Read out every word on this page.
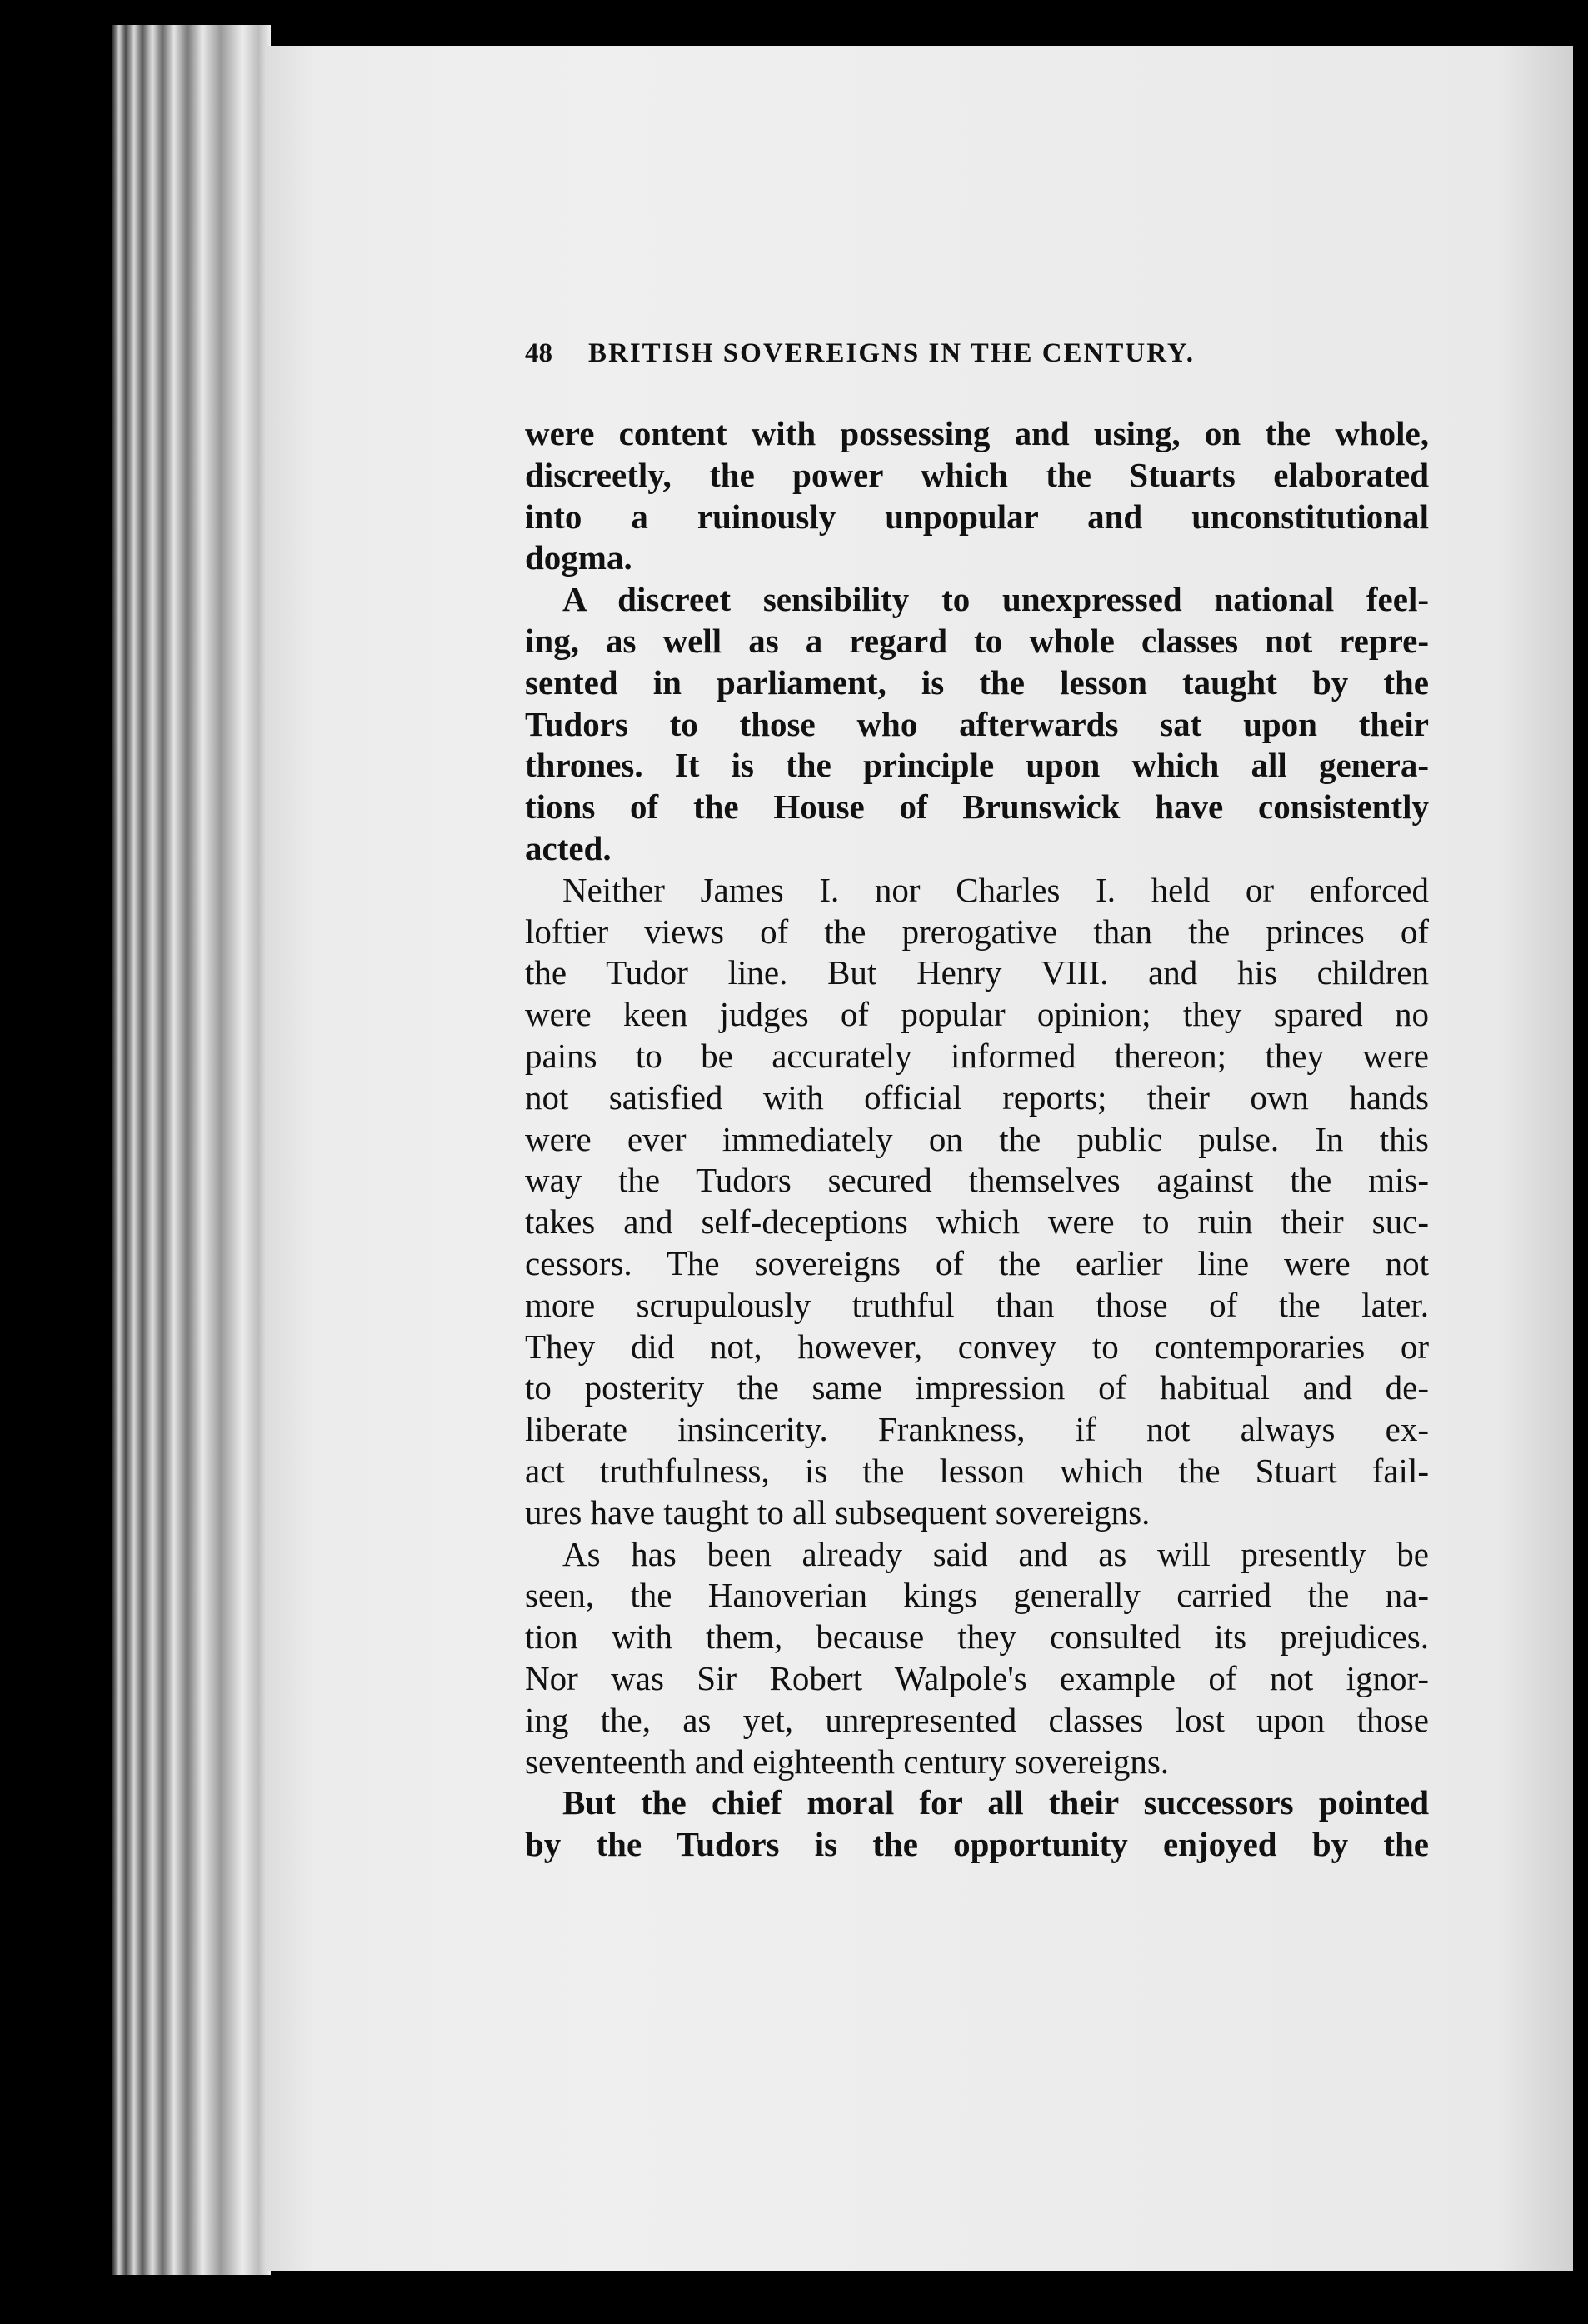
48 BRITISH SOVEREIGNS IN THE CENTURY.
were content with possessing and using, on the whole,
discreetly, the power which the Stuarts elaborated
into a ruinously unpopular and unconstitutional
dogma.
A discreet sensibility to unexpressed national feel-
ing, as well as a regard to whole classes not repre-
sented in parliament, is the lesson taught by the
Tudors to those who afterwards sat upon their
thrones. It is the principle upon which all genera-
tions of the House of Brunswick have consistently
acted.
Neither James I. nor Charles I. held or enforced
loftier views of the prerogative than the princes of
the Tudor line. But Henry VIII. and his children
were keen judges of popular opinion; they spared no
pains to be accurately informed thereon; they were
not satisfied with official reports; their own hands
were ever immediately on the public pulse. In this
way the Tudors secured themselves against the mis-
takes and self-deceptions which were to ruin their suc-
cessors. The sovereigns of the earlier line were not
more scrupulously truthful than those of the later.
They did not, however, convey to contemporaries or
to posterity the same impression of habitual and de-
liberate insincerity. Frankness, if not always ex-
act truthfulness, is the lesson which the Stuart fail-
ures have taught to all subsequent sovereigns.
As has been already said and as will presently be
seen, the Hanoverian kings generally carried the na-
tion with them, because they consulted its prejudices.
Nor was Sir Robert Walpole's example of not ignor-
ing the, as yet, unrepresented classes lost upon those
seventeenth and eighteenth century sovereigns.
But the chief moral for all their successors pointed
by the Tudors is the opportunity enjoyed by the
